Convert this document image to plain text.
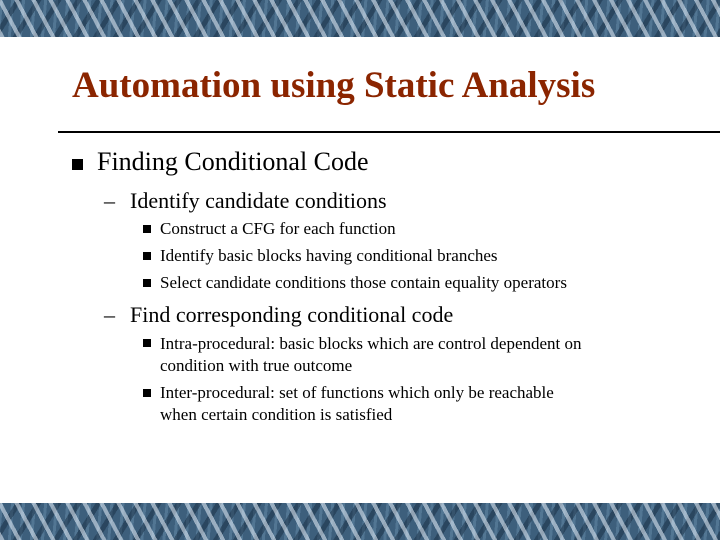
Automation using Static Analysis
Finding Conditional Code
– Identify candidate conditions
Construct a CFG for each function
Identify basic blocks having conditional branches
Select candidate conditions those contain equality operators
– Find corresponding conditional code
Intra-procedural: basic blocks which are control dependent on
condition with true outcome
Inter-procedural: set of functions which only be reachable
when certain condition is satisfied
